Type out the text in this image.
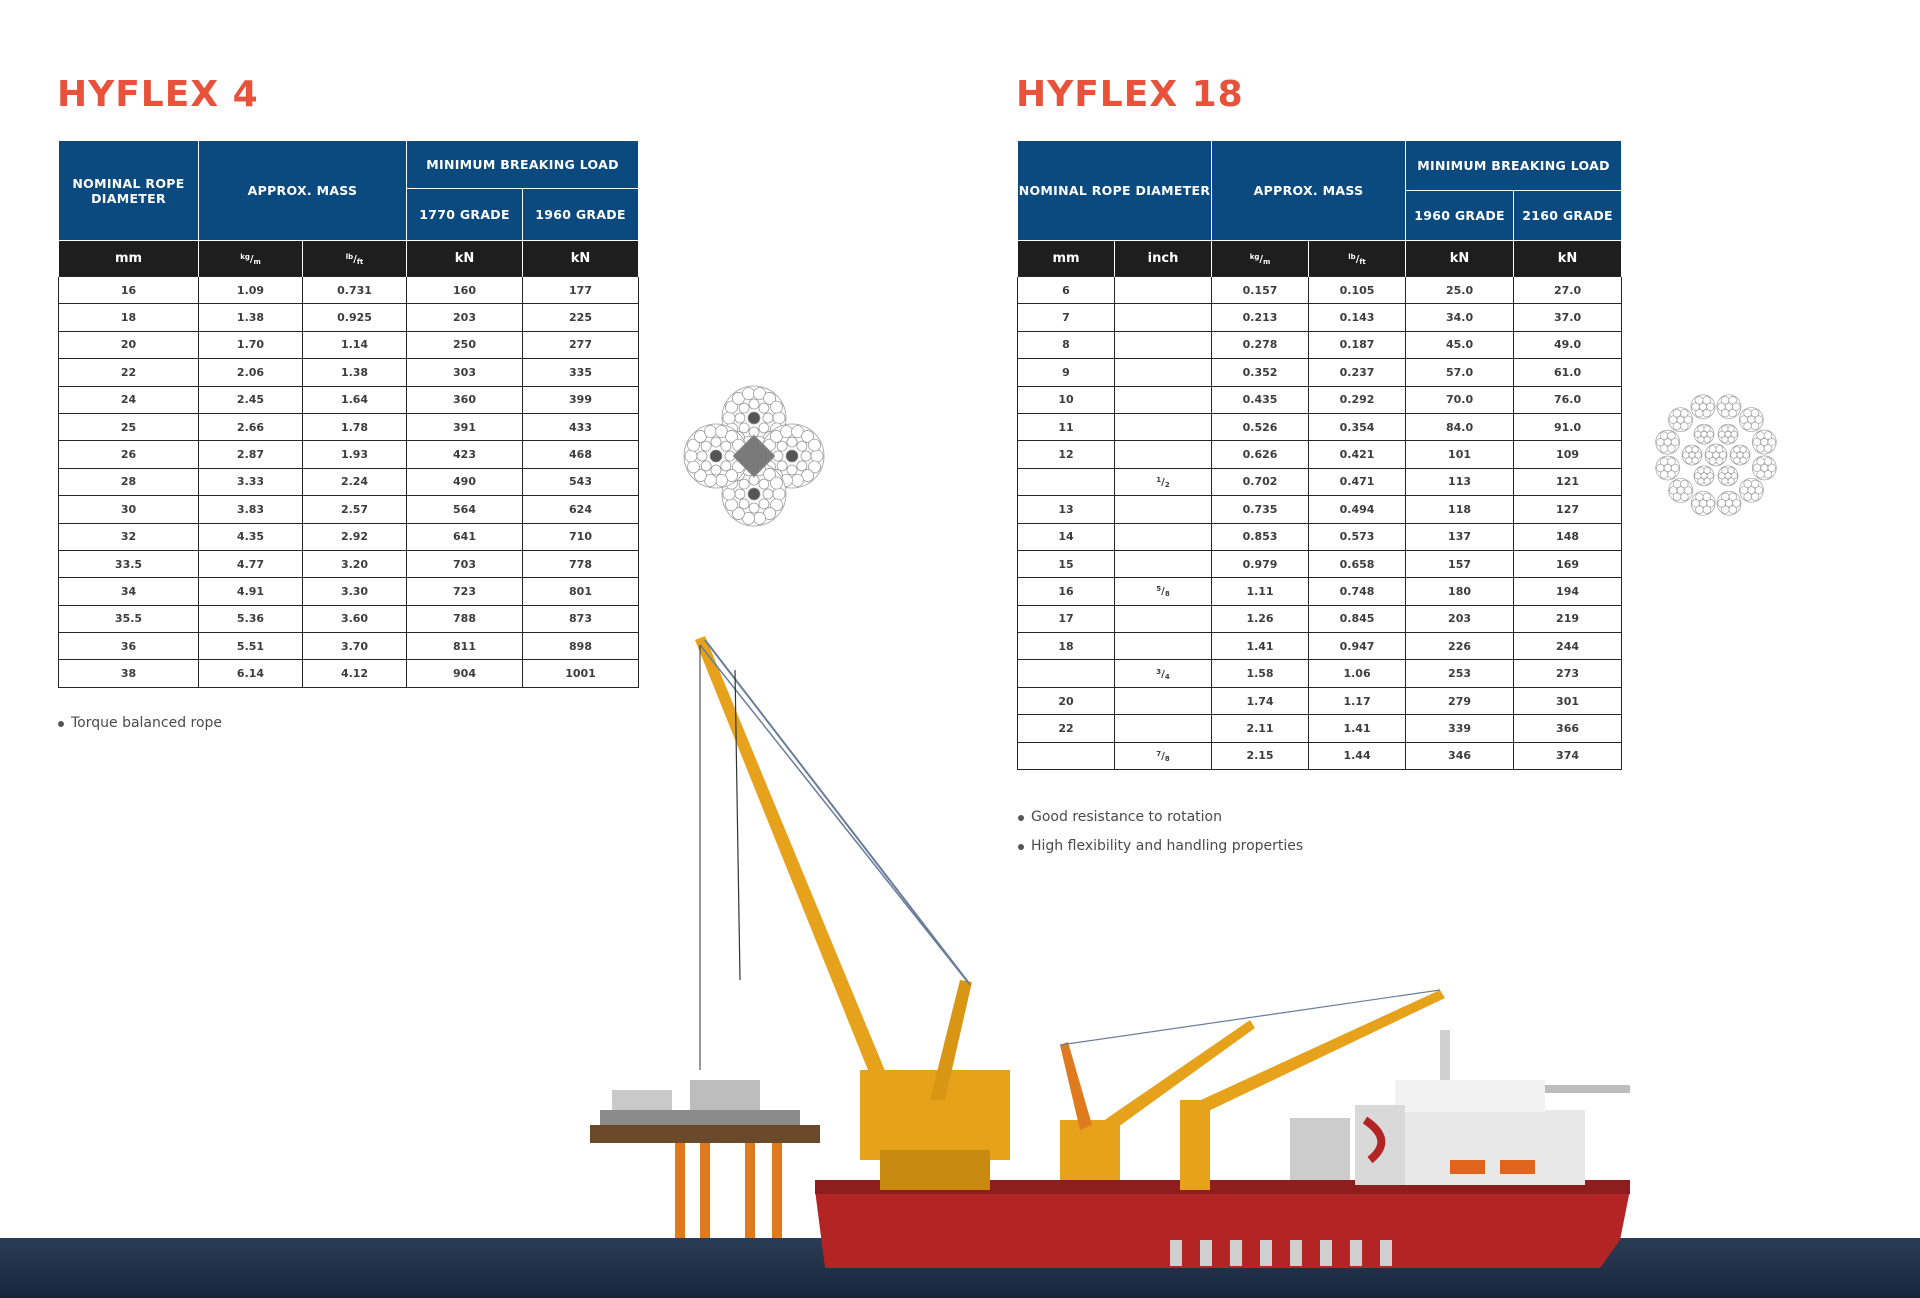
HYFLEX 4	HYFLEX 18
NOMINAL ROPE DIAMETER	APPROX. MASS		MINIMUM BREAKING LOAD	
			1770 GRADE	1960 GRADE
mm	$^{kg}/_m$	$^{lb}/_{ft}$	kN	kN
16	1.09	0.731	160	177
18	1.38	0.925	203	225
20	1.70	1.14	250	277
22	2.06	1.38	303	335
24	2.45	1.64	360	399
25	2.66	1.78	391	433
26	2.87	1.93	423	468
28	3.33	2.24	490	543
30	3.83	2.57	564	624
32	4.35	2.92	641	710
33.5	4.77	3.20	703	778
34	4.91	3.30	723	801
35.5	5.36	3.60	788	873
36	5.51	3.70	811	898
38	6.14	4.12	904	1001
NOMINAL ROPE DIAMETER		APPROX. MASS		MINIMUM BREAKING LOAD	
				1960 GRADE	2160 GRADE
mm	inch	$^{kg}/_m$	$^{lb}/_{ft}$	kN	kN
6		0.157	0.105	25.0	27.0
7		0.213	0.143	34.0	37.0
8		0.278	0.187	45.0	49.0
9		0.352	0.237	57.0	61.0
10		0.435	0.292	70.0	76.0
11		0.526	0.354	84.0	91.0
12		0.626	0.421	101	109
	$^1/_2$	0.702	0.471	113	121
13		0.735	0.494	118	127
14		0.853	0.573	137	148
15		0.979	0.658	157	169
16	$^5/_8$	1.11	0.748	180	194
17		1.26	0.845	203	219
18		1.41	0.947	226	244
	$^3/_4$	1.58	1.06	253	273
20		1.74	1.17	279	301
22		2.11	1.41	339	366
	$^7/_8$	2.15	1.44	346	374
Torque balanced rope
Good resistance to rotation
High flexibility and handling properties
